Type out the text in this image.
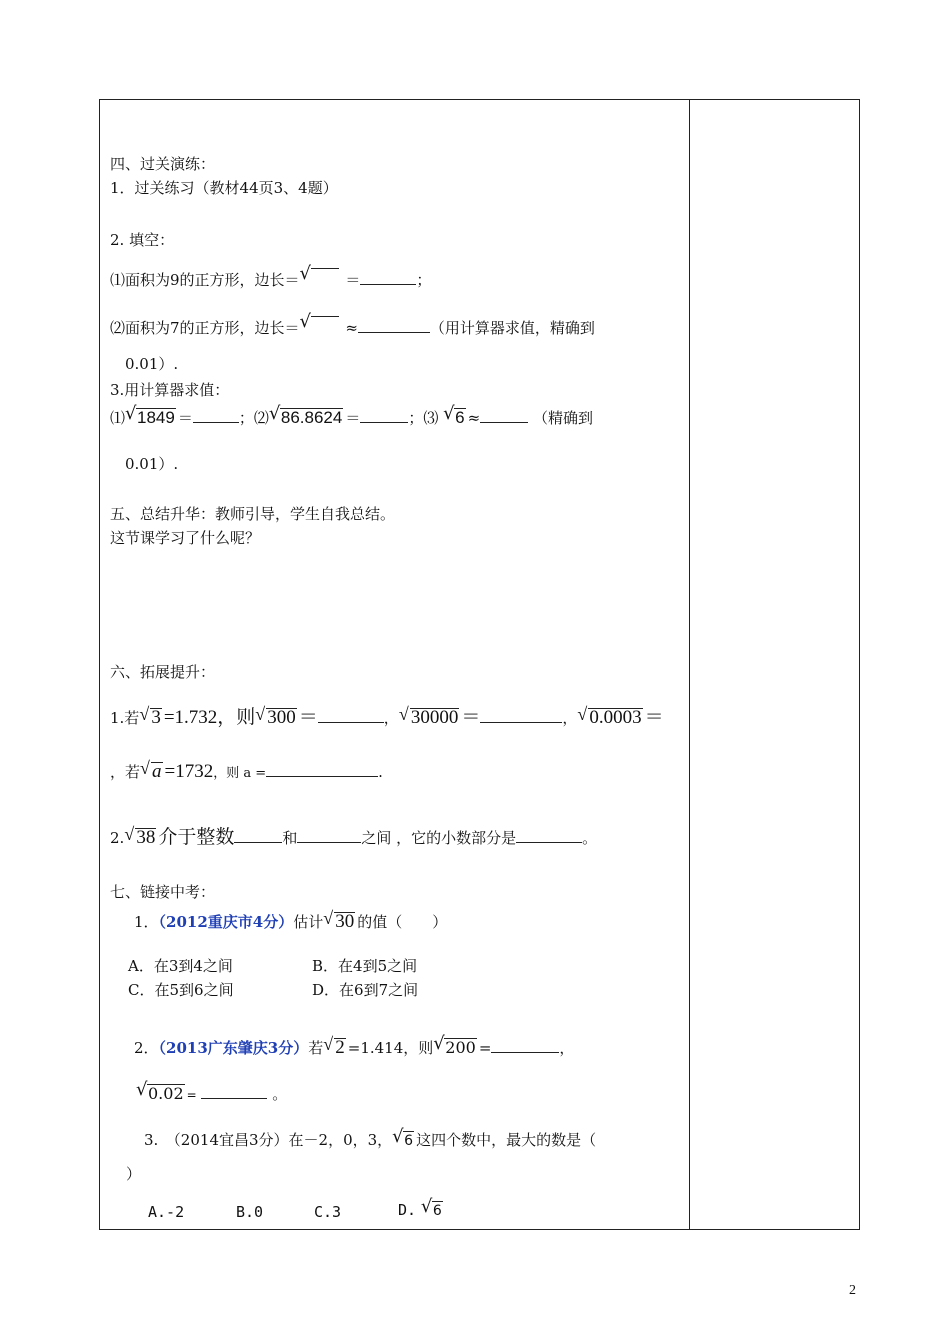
四、过关演练：
1．过关练习（教材44页3、4题）
2. 填空：
⑴面积为9的正方形，边长＝ √ ＝	；
⑵面积为7的正方形，边长＝ √ ≈	（用计算器求值，精确到
0.01）.
3.用计算器求值：
⑴ √ 1849 ＝	；⑵ √ 86.8624 ＝	；⑶ √ 6 ≈	（精确到
0.01）.
五、总结升华：教师引导，学生自我总结。
这节课学习了什么呢？
六、拓展提升：
1.若 √ 3 =1.732，则 √ 300 ＝	， √ 30000 ＝	， √ 0.0003 ＝
，若 √ a =1732，则 a =	.
2. √ 38 介于整数	和	之间 ，它的小数部分是	。
七、链接中考：
1．（2012重庆市4分）估计 √ 30 的值（　　）
A．在3到4之间	B．在4到5之间
C．在5到6之间	D．在6到7之间
2．（2013广东肇庆3分）若 √ 2 =1.414，则 √ 200 =	，
√ 0.02 =	。
3.　（2014宜昌3分）在－2，0，3， √ 6 这四个数中，最大的数是（
）
A.-2	B.0	C.3	D. √ 6
2
